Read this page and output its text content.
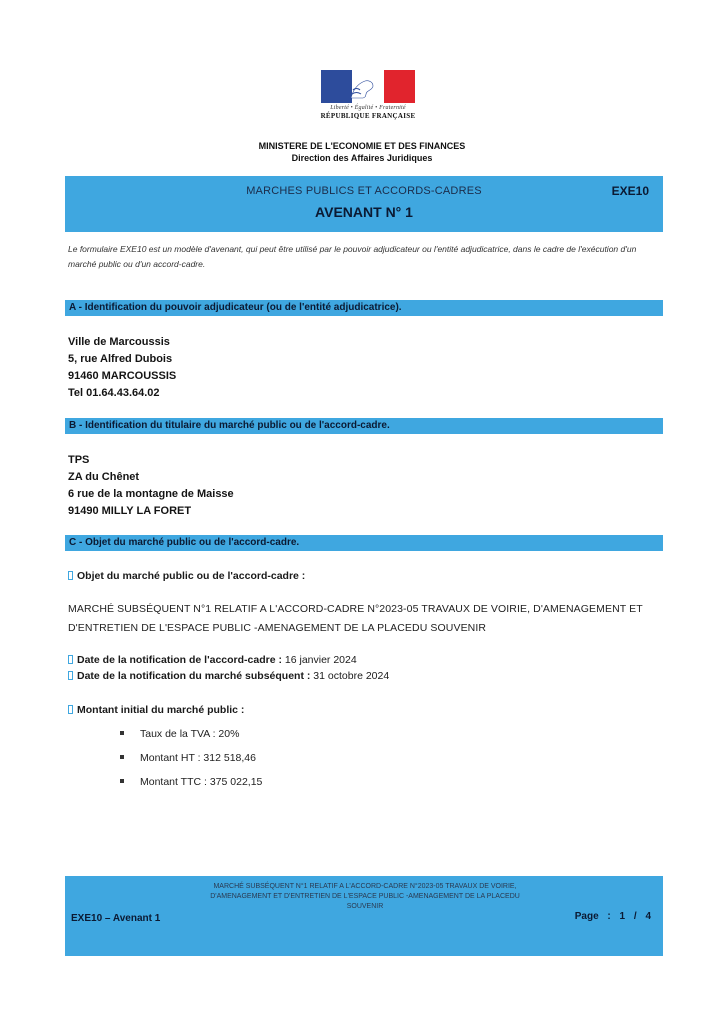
Liberté • Égalité • Fraternité
RÉPUBLIQUE FRANÇAISE
MINISTERE DE L'ECONOMIE ET DES FINANCES
Direction des Affaires Juridiques
MARCHES PUBLICS ET ACCORDS-CADRES
AVENANT N° 1
EXE10
Le formulaire EXE10 est un modèle d'avenant, qui peut être utilisé par le pouvoir adjudicateur ou l'entité adjudicatrice, dans le cadre de l'exécution d'un marché public ou d'un accord-cadre.
A - Identification du pouvoir adjudicateur (ou de l'entité adjudicatrice).
Ville de Marcoussis
5, rue Alfred Dubois
91460 MARCOUSSIS
Tel 01.64.43.64.02
B - Identification du titulaire du marché public ou de l'accord-cadre.
TPS
ZA du Chênet
6 rue de la montagne de Maisse
91490 MILLY LA FORET
C - Objet du marché public ou de l'accord-cadre.
Objet du marché public ou de l'accord-cadre :
MARCHÉ SUBSÉQUENT N°1 RELATIF A L'ACCORD-CADRE N°2023-05 TRAVAUX DE VOIRIE, D'AMENAGEMENT ET D'ENTRETIEN DE L'ESPACE PUBLIC -AMENAGEMENT DE LA PLACEDU SOUVENIR
Date de la notification de l'accord-cadre : 16 janvier 2024
Date de la notification du marché subséquent : 31 octobre 2024
Montant initial du marché public :
Taux de la TVA : 20%
Montant HT : 312 518,46
Montant TTC : 375 022,15
MARCHÉ SUBSÉQUENT N°1 RELATIF A L'ACCORD-CADRE N°2023-05 TRAVAUX DE VOIRIE, D'AMENAGEMENT ET D'ENTRETIEN DE L'ESPACE PUBLIC -AMENAGEMENT DE LA PLACEDU SOUVENIR
EXE10 – Avenant 1	Page : 1 / 4
